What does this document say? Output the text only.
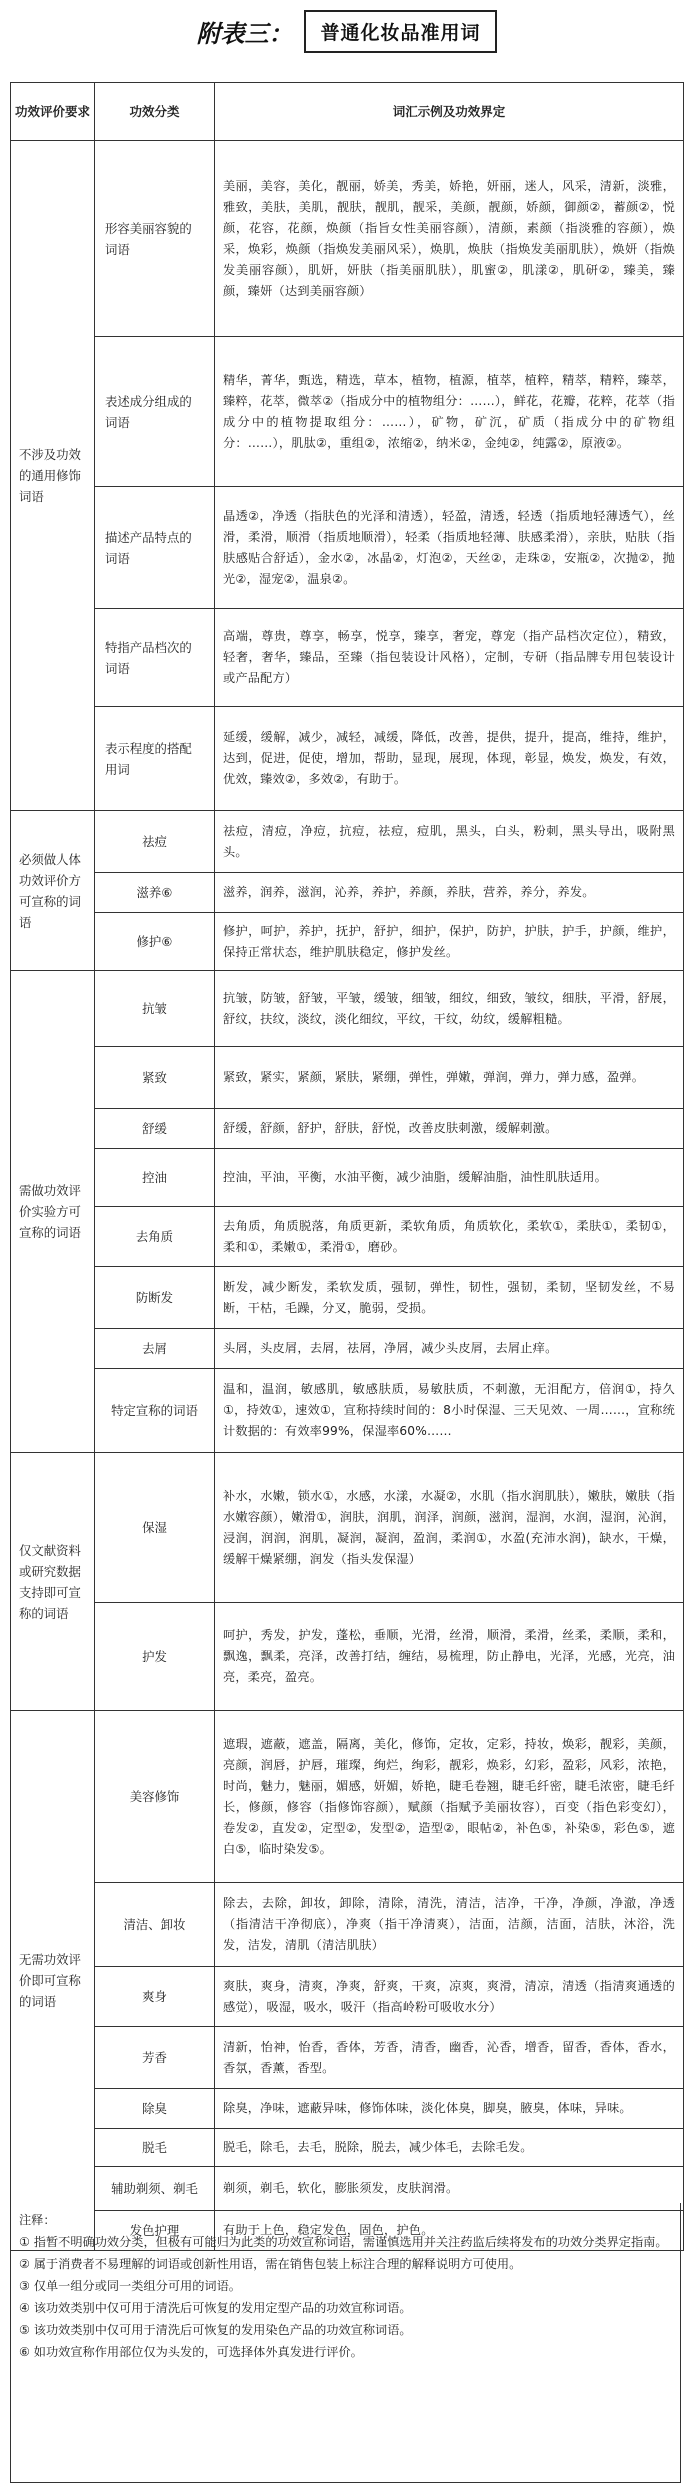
附表三：	普通化妆品准用词
功效评价要求	功效分类	词汇示例及功效界定
不涉及功效的通用修饰词语	形容美丽容貌的词语	美丽，美容，美化，靓丽，娇美，秀美，娇艳，妍丽，迷人，风采，清新，淡雅，雅致，美肤，美肌，靓肤，靓肌，靓采，美颜，靓颜，娇颜，御颜②，蓄颜②，悦颜，花容，花颜，焕颜（指旨女性美丽容颜），清颜，素颜（指淡雅的容颜），焕采，焕彩，焕颜（指焕发美丽风采），焕肌，焕肤（指焕发美丽肌肤），焕妍（指焕发美丽容颜），肌妍，妍肤（指美丽肌肤），肌蜜②，肌漾②，肌研②，臻美，臻颜，臻妍（达到美丽容颜）
	表述成分组成的词语	精华，菁华，甄选，精选，草本，植物，植源，植萃，植粹，精萃，精粹，臻萃，臻粹，花萃，微萃②（指成分中的植物组分：……），鲜花，花瓣，花粹，花萃（指成分中的植物提取组分：……），矿物，矿沉，矿质（指成分中的矿物组分：……），肌肽②，重组②，浓缩②，纳米②，金纯②，纯露②，原液②。
	描述产品特点的词语	晶透②，净透（指肤色的光泽和清透），轻盈，清透，轻透（指质地轻薄透气），丝滑，柔滑，顺滑（指质地顺滑），轻柔（指质地轻薄、肤感柔滑），亲肤，贴肤（指肤感贴合舒适），金水②，冰晶②，灯泡②，天丝②，走珠②，安瓶②，次抛②，抛光②，湿宠②，温泉②。
	特指产品档次的词语	高端，尊贵，尊享，畅享，悦享，臻享，奢宠，尊宠（指产品档次定位），精致，轻奢，奢华，臻品，至臻（指包装设计风格），定制，专研（指品牌专用包装设计或产品配方）
	表示程度的搭配用词	延缓，缓解，减少，减轻，减缓，降低，改善，提供，提升，提高，维持，维护，达到，促进，促使，增加，帮助，显现，展现，体现，彰显，焕发，焕发，有效，优效，臻效②，多效②，有助于。
必须做人体功效评价方可宣称的词语	祛痘	祛痘，清痘，净痘，抗痘，祛痘，痘肌，黑头，白头，粉刺，黑头导出，吸附黑头。
	滋养⑥	滋养，润养，滋润，沁养，养护，养颜，养肤，营养，养分，养发。
	修护⑥	修护，呵护，养护，抚护，舒护，细护，保护，防护，护肤，护手，护颜，维护，保持正常状态，维护肌肤稳定，修护发丝。
需做功效评价实验方可宣称的词语	抗皱	抗皱，防皱，舒皱，平皱，缓皱，细皱，细纹，细致，皱纹，细肤，平滑，舒展，舒纹，扶纹，淡纹，淡化细纹，平纹，干纹，幼纹，缓解粗糙。
	紧致	紧致，紧实，紧颜，紧肤，紧绷，弹性，弹嫩，弹润，弹力，弹力感，盈弹。
	舒缓	舒缓，舒颜，舒护，舒肤，舒悦，改善皮肤刺激，缓解刺激。
	控油	控油，平油，平衡，水油平衡，减少油脂，缓解油脂，油性肌肤适用。
	去角质	去角质，角质脱落，角质更新，柔软角质，角质软化，柔软①，柔肤①，柔韧①，柔和①，柔嫩①，柔滑①，磨砂。
	防断发	断发，减少断发，柔软发质，强韧，弹性，韧性，强韧，柔韧，坚韧发丝，不易断，干枯，毛躁，分叉，脆弱，受损。
	去屑	头屑，头皮屑，去屑，祛屑，净屑，减少头皮屑，去屑止痒。
	特定宣称的词语	温和，温润，敏感肌，敏感肤质，易敏肤质，不刺激，无泪配方，倍润①，持久①，持效①，速效①，宣称持续时间的：8小时保湿、三天见效、一周……，宣称统计数据的：有效率99%，保湿率60%……
仅文献资料或研究数据支持即可宣称的词语	保湿	补水，水嫩，锁水①，水感，水漾，水凝②，水肌（指水润肌肤），嫩肤，嫩肤（指水嫩容颜），嫩滑①，润肤，润肌，润泽，润颜，滋润，湿润，水润，湿润，沁润，浸润，润润，润肌，凝润，凝润，盈润，柔润①，水盈(充沛水润)，缺水，干燥，缓解干燥紧绷，润发（指头发保湿）
	护发	呵护，秀发，护发，蓬松，垂顺，光滑，丝滑，顺滑，柔滑，丝柔，柔顺，柔和，飘逸，飘柔，亮泽，改善打结，缠结，易梳理，防止静电，光泽，光感，光亮，油亮，柔亮，盈亮。
无需功效评价即可宣称的词语	美容修饰	遮瑕，遮蔽，遮盖，隔离，美化，修饰，定妆，定彩，持妆，焕彩，靓彩，美颜，亮颜，润唇，护唇，璀璨，绚烂，绚彩，靓彩，焕彩，幻彩，盈彩，风彩，浓艳，时尚，魅力，魅丽，媚感，妍媚，娇艳，睫毛卷翘，睫毛纤密，睫毛浓密，睫毛纤长，修颜，修容（指修饰容颜），赋颜（指赋予美丽妆容），百变（指色彩变幻），卷发②，直发②，定型②，发型②，造型②，眼帖②，补色⑤，补染⑤，彩色⑤，遮白⑤，临时染发⑤。
	清洁、卸妆	除去，去除，卸妆，卸除，清除，清洗，清洁，洁净，干净，净颜，净澈，净透（指清洁干净彻底），净爽（指干净清爽），洁面，洁颜，洁面，洁肤，沐浴，洗发，洁发，清肌（清洁肌肤）
	爽身	爽肤，爽身，清爽，净爽，舒爽，干爽，凉爽，爽滑，清凉，清透（指清爽通透的感觉），吸湿，吸水，吸汗（指高岭粉可吸收水分）
	芳香	清新，怡神，怡香，香体，芳香，清香，幽香，沁香，增香，留香，香体，香水，香氛，香薰，香型。
	除臭	除臭，净味，遮蔽异味，修饰体味，淡化体臭，脚臭，腋臭，体味，异味。
	脱毛	脱毛，除毛，去毛，脱除，脱去，减少体毛，去除毛发。
	辅助剃须、剃毛	剃须，剃毛，软化，膨胀须发，皮肤润滑。
	发色护理	有助于上色，稳定发色，固色，护色。
注释：
① 指暂不明确功效分类，但极有可能归为此类的功效宣称词语，需谨慎选用并关注药监后续将发布的功效分类界定指南。
② 属于消费者不易理解的词语或创新性用语，需在销售包装上标注合理的解释说明方可使用。
③ 仅单一组分或同一类组分可用的词语。
④ 该功效类别中仅可用于清洗后可恢复的发用定型产品的功效宣称词语。
⑤ 该功效类别中仅可用于清洗后可恢复的发用染色产品的功效宣称词语。
⑥ 如功效宣称作用部位仅为头发的，可选择体外真发进行评价。
